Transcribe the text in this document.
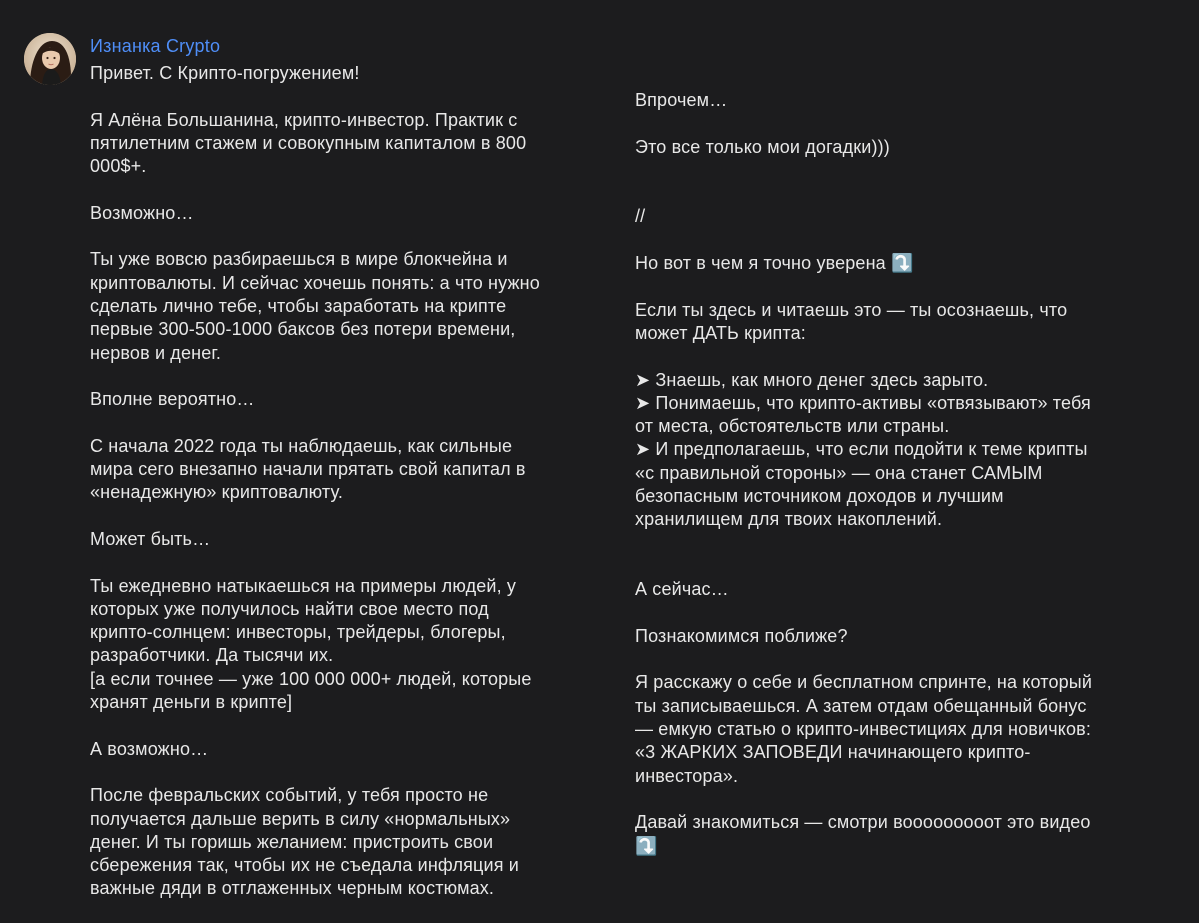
Изнанка Crypto

Привет. С Крипто-погружением!

Я Алёна Большанина, крипто-инвестор. Практик с
пятилетним стажем и совокупным капиталом в 800
000$+.

Возможно…

Ты уже вовсю разбираешься в мире блокчейна и
криптовалюты. И сейчас хочешь понять: а что нужно
сделать лично тебе, чтобы заработать на крипте
первые 300-500-1000 баксов без потери времени,
нервов и денег.

Вполне вероятно…

С начала 2022 года ты наблюдаешь, как сильные
мира сего внезапно начали прятать свой капитал в
«ненадежную» криптовалюту.

Может быть…

Ты ежедневно натыкаешься на примеры людей, у
которых уже получилось найти свое место под
крипто-солнцем: инвесторы, трейдеры, блогеры,
разработчики. Да тысячи их.
[а если точнее — уже 100 000 000+ людей, которые
хранят деньги в крипте]

А возможно…

После февральских событий, у тебя просто не
получается дальше верить в силу «нормальных»
денег. И ты горишь желанием: пристроить свои
сбережения так, чтобы их не съедала инфляция и
важные дяди в отглаженных черным костюмах.

Впрочем…

Это все только мои догадки)))

//

Но вот в чем я точно уверена ⤵️

Если ты здесь и читаешь это — ты осознаешь, что
может ДАТЬ крипта:

➤ Знаешь, как много денег здесь зарыто.
➤ Понимаешь, что крипто-активы «отвязывают» тебя
от места, обстоятельств или страны.
➤ И предполагаешь, что если подойти к теме крипты
«с правильной стороны» — она станет САМЫМ
безопасным источником доходов и лучшим
хранилищем для твоих накоплений.

А сейчас…

Познакомимся поближе?

Я расскажу о себе и бесплатном спринте, на который
ты записываешься. А затем отдам обещанный бонус
— емкую статью о крипто-инвестициях для новичков:
«3 ЖАРКИХ ЗАПОВЕДИ начинающего крипто-
инвестора».

Давай знакомиться — смотри вооооооооот это видео
⤵️
